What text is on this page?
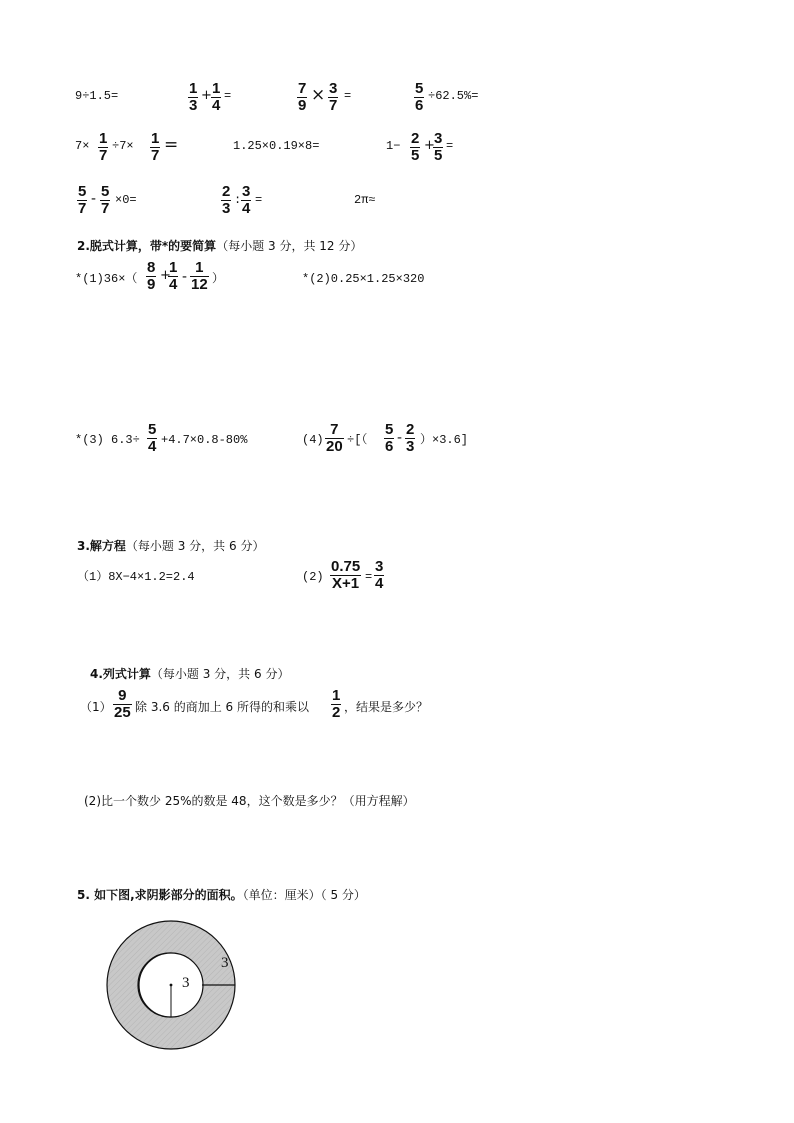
9÷1.5=	$\frac{1}{3} + \frac{1}{4}$ =	$\frac{7}{9} \times \frac{3}{7}$ =	$\frac{5}{6} \div 62.5\%=$
$7\times \frac{1}{7} \div 7\times \frac{1}{7}$ =	1.25×0.19×8=	$1- \frac{2}{5}$ +
$\frac{3}{5}$ =
$\frac{5}{7} - \frac{5}{7} \times 0=$	$\frac{2}{3}$ : $\frac{3}{4}$ =	2π≈
2.脱式计算，带*的要简算（每小题 3 分，共 12 分）
$*(1)36\times( \frac{8}{9}$ +
$\frac{1}{4} - \frac{1}{12}$ ）	*(2)0.25×1.25×320
*(3) $6.3\div \frac{5}{4} +4.7\times 0.8-80\%$	$(4) \frac{7}{20}$ ÷[（ $\frac{5}{6} - \frac{2}{3} )\times 3.6$]
3.解方程（每小题 3 分，共 6 分）
（1）8X−4×1.2=2.4	$(2) \frac{0.75}{X+1} = \frac{3}{4}$
4.列式计算（每小题 3 分，共 6 分）
$(1) \frac{9}{25}$ 除 3.6 的商加上 6 所得的和乘以 $\frac{1}{2}$ ，结果是多少？
(2)比一个数少 25%的数是 48，这个数是多少？（用方程解）
5. 如下图,求阴影部分的面积。（单位：厘米）（ 5 分）
3
3
